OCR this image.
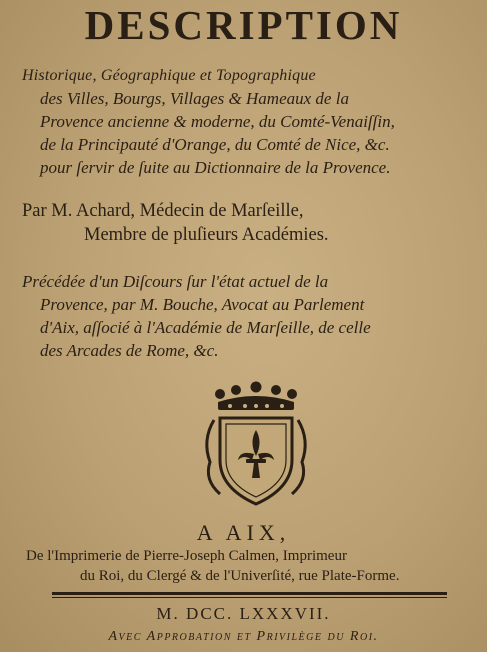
DESCRIPTION
Historique, Géographique et Topographique
des Villes, Bourgs, Villages & Hameaux de la
Provence ancienne & moderne, du Comté-Venaiſſin,
de la Principauté d'Orange, du Comté de Nice, &c.
pour ſervir de ſuite au Dictionnaire de la Provence.
Par M. Achard, Médecin de Marſeille,
Membre de pluſieurs Académies.
Précédée d'un Diſcours ſur l'état actuel de la
Provence, par M. Bouche, Avocat au Parlement
d'Aix, aſſocié à l'Académie de Marſeille, de celle
des Arcades de Rome, &c.
A AIX,
De l'Imprimerie de Pierre-Joseph Calmen, Imprimeur
du Roi, du Clergé & de l'Univerſité, rue Plate-Forme.
M. DCC. LXXXVII.
Avec Approbation et Privilège du Roi.
